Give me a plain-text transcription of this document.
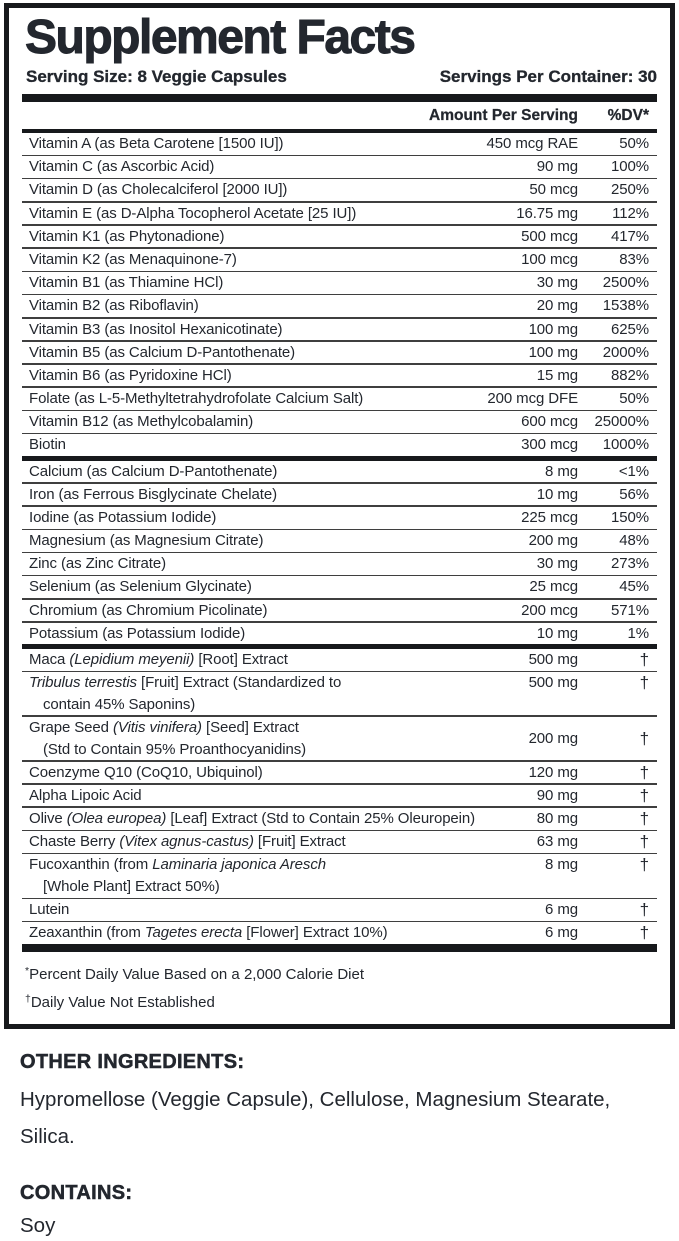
Supplement Facts
Serving Size: 8 Veggie Capsules	Servings Per Container: 30
Amount Per Serving	%DV*
Vitamin A (as Beta Carotene [1500 IU])	450 mcg RAE	50%
Vitamin C (as Ascorbic Acid)	90 mg	100%
Vitamin D (as Cholecalciferol [2000 IU])	50 mcg	250%
Vitamin E (as D-Alpha Tocopherol Acetate [25 IU])	16.75 mg	112%
Vitamin K1 (as Phytonadione)	500 mcg	417%
Vitamin K2 (as Menaquinone-7)	100 mcg	83%
Vitamin B1 (as Thiamine HCl)	30 mg	2500%
Vitamin B2 (as Riboflavin)	20 mg	1538%
Vitamin B3 (as Inositol Hexanicotinate)	100 mg	625%
Vitamin B5 (as Calcium D-Pantothenate)	100 mg	2000%
Vitamin B6 (as Pyridoxine HCl)	15 mg	882%
Folate (as L-5-Methyltetrahydrofolate Calcium Salt)	200 mcg DFE	50%
Vitamin B12 (as Methylcobalamin)	600 mcg	25000%
Biotin	300 mcg	1000%
Calcium (as Calcium D-Pantothenate)	8 mg	<1%
Iron (as Ferrous Bisglycinate Chelate)	10 mg	56%
Iodine (as Potassium Iodide)	225 mcg	150%
Magnesium (as Magnesium Citrate)	200 mg	48%
Zinc (as Zinc Citrate)	30 mg	273%
Selenium (as Selenium Glycinate)	25 mcg	45%
Chromium (as Chromium Picolinate)	200 mcg	571%
Potassium (as Potassium Iodide)	10 mg	1%
Maca (Lepidium meyenii) [Root] Extract	500 mg	†
Tribulus terrestis [Fruit] Extract (Standardized to
contain 45% Saponins)
500 mg	†
Grape Seed (Vitis vinifera) [Seed] Extract
(Std to Contain 95% Proanthocyanidins)
200 mg	†
Coenzyme Q10 (CoQ10, Ubiquinol)	120 mg	†
Alpha Lipoic Acid	90 mg	†
Olive (Olea europea) [Leaf] Extract (Std to Contain 25% Oleuropein)	80 mg	†
Chaste Berry (Vitex agnus-castus) [Fruit] Extract	63 mg	†
Fucoxanthin (from Laminaria japonica Aresch
[Whole Plant] Extract 50%)
8 mg	†
Lutein	6 mg	†
Zeaxanthin (from Tagetes erecta [Flower] Extract 10%)	6 mg	†
*Percent Daily Value Based on a 2,000 Calorie Diet
†Daily Value Not Established
OTHER INGREDIENTS:
Hypromellose (Veggie Capsule), Cellulose, Magnesium Stearate,
Silica.
CONTAINS:
Soy
